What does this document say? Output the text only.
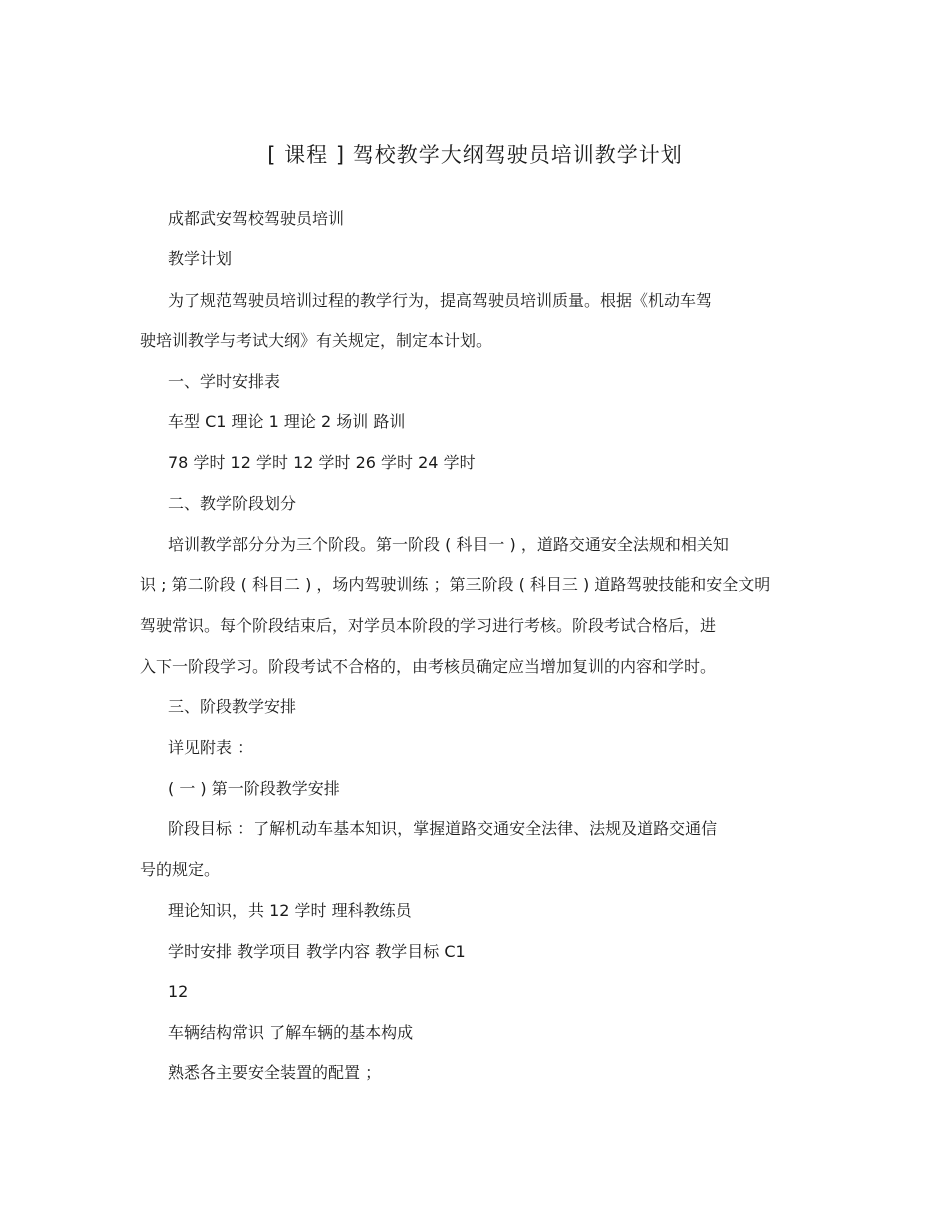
[ 课程 ] 驾校教学大纲驾驶员培训教学计划
成都武安驾校驾驶员培训
教学计划
为了规范驾驶员培训过程的教学行为，提高驾驶员培训质量。根据《机动车驾
驶培训教学与考试大纲》有关规定，制定本计划。
一、学时安排表
车型 C1 理论 1 理论 2 场训 路训
78 学时 12 学时 12 学时 26 学时 24 学时
二、教学阶段划分
培训教学部分分为三个阶段。第一阶段 ( 科目一 ) ，道路交通安全法规和相关知
识 ; 第二阶段 ( 科目二 ) ，场内驾驶训练 ；第三阶段 ( 科目三 ) 道路驾驶技能和安全文明
驾驶常识。每个阶段结束后，对学员本阶段的学习进行考核。阶段考试合格后，进
入下一阶段学习。阶段考试不合格的，由考核员确定应当增加复训的内容和学时。
三、阶段教学安排
详见附表 ：
( 一 ) 第一阶段教学安排
阶段目标 ：了解机动车基本知识，掌握道路交通安全法律、法规及道路交通信
号的规定。
理论知识，共 12 学时 理科教练员
学时安排 教学项目 教学内容 教学目标 C1
12
车辆结构常识 了解车辆的基本构成
熟悉各主要安全装置的配置 ；
